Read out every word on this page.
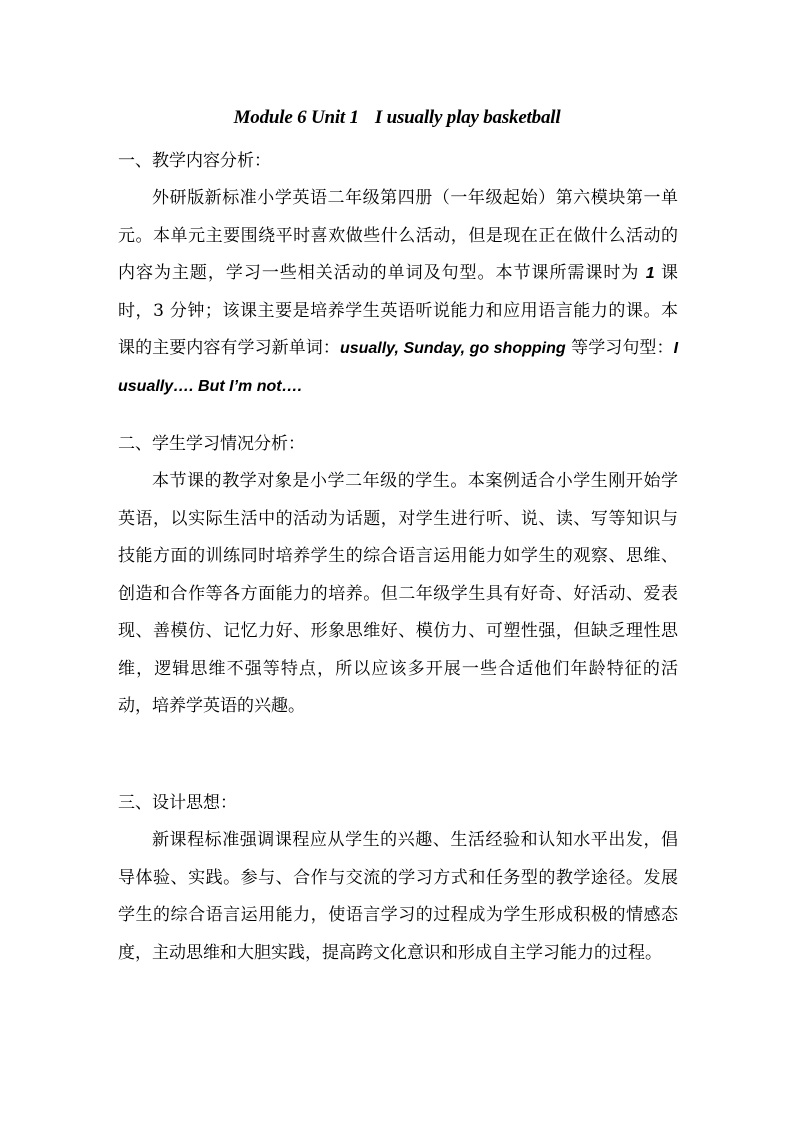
Module 6 Unit 1 I usually play basketball
一、教学内容分析：
外研版新标准小学英语二年级第四册（一年级起始）第六模块第一单元。本单元主要围绕平时喜欢做些什么活动，但是现在正在做什么活动的内容为主题，学习一些相关活动的单词及句型。本节课所需课时为 1 课时，3 分钟；该课主要是培养学生英语听说能力和应用语言能力的课。本课的主要内容有学习新单词：usually, Sunday, go shopping 等学习句型：I usually…. But I’m not….
二、学生学习情况分析：
本节课的教学对象是小学二年级的学生。本案例适合小学生刚开始学英语，以实际生活中的活动为话题，对学生进行听、说、读、写等知识与技能方面的训练同时培养学生的综合语言运用能力如学生的观察、思维、创造和合作等各方面能力的培养。但二年级学生具有好奇、好活动、爱表现、善模仿、记忆力好、形象思维好、模仿力、可塑性强，但缺乏理性思维，逻辑思维不强等特点，所以应该多开展一些合适他们年龄特征的活动，培养学英语的兴趣。
三、设计思想：
新课程标准强调课程应从学生的兴趣、生活经验和认知水平出发，倡导体验、实践。参与、合作与交流的学习方式和任务型的教学途径。发展学生的综合语言运用能力，使语言学习的过程成为学生形成积极的情感态度，主动思维和大胆实践，提高跨文化意识和形成自主学习能力的过程。
